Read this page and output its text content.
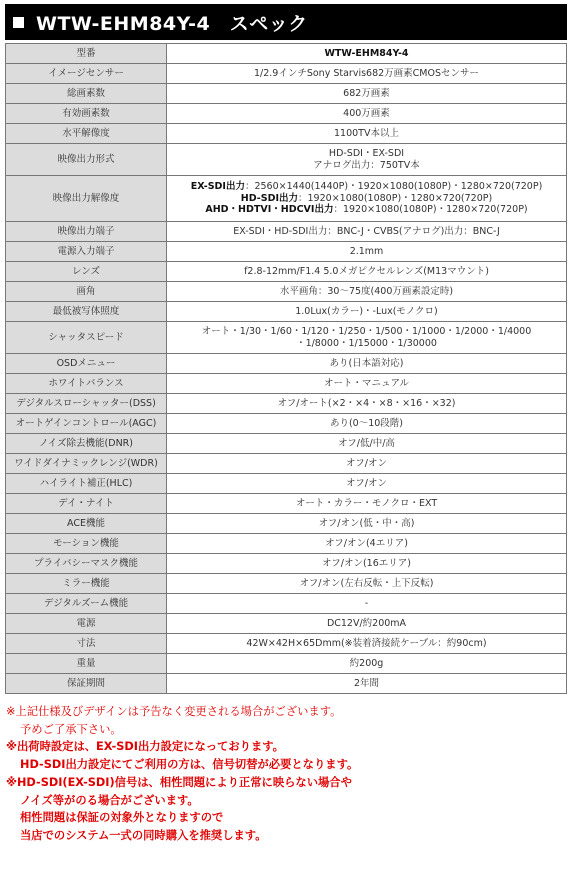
WTW-EHM84Y-4　スペック
型番	WTW-EHM84Y-4

イメージセンサー	1/2.9インチSony Starvis682万画素CMOSセンサー

総画素数	682万画素

有効画素数	400万画素

水平解像度	1100TV本以上

映像出力形式	HD-SDI・EX-SDI
アナログ出力：750TV本

映像出力解像度	EX-SDI出力：2560×1440(1440P)・1920×1080(1080P)・1280×720(720P)
HD-SDI出力：1920×1080(1080P)・1280×720(720P)
AHD・HDTVI・HDCVI出力：1920×1080(1080P)・1280×720(720P)

映像出力端子	EX-SDI・HD-SDI出力：BNC-J・CVBS(アナログ)出力：BNC-J

電源入力端子	2.1mm

レンズ	f2.8-12mm/F1.4 5.0メガピクセルレンズ(M13マウント)

画角	水平画角：30～75度(400万画素設定時)

最低被写体照度	1.0Lux(カラー)・-Lux(モノクロ)

シャッタスピード	オート・1/30・1/60・1/120・1/250・1/500・1/1000・1/2000・1/4000
・1/8000・1/15000・1/30000

OSDメニュー	あり(日本語対応)

ホワイトバランス	オート・マニュアル

デジタルスローシャッター(DSS)	オフ/オート(×2・×4・×8・×16・×32)

オートゲインコントロール(AGC)	あり(0～10段階)

ノイズ除去機能(DNR)	オフ/低/中/高

ワイドダイナミックレンジ(WDR)	オフ/オン

ハイライト補正(HLC)	オフ/オン

デイ・ナイト	オート・カラー・モノクロ・EXT

ACE機能	オフ/オン(低・中・高)

モーション機能	オフ/オン(4エリア)

プライバシーマスク機能	オフ/オン(16エリア)

ミラー機能	オフ/オン(左右反転・上下反転)

デジタルズーム機能	-

電源	DC12V/約200mA

寸法	42W×42H×65Dmm(※装着済接続ケーブル：約90cm)

重量	約200g

保証期間	2年間
※上記仕様及びデザインは予告なく変更される場合がございます。
予めご了承下さい。
※出荷時設定は、EX-SDI出力設定になっております。
HD-SDI出力設定にてご利用の方は、信号切替が必要となります。
※HD-SDI(EX-SDI)信号は、相性問題により正常に映らない場合や
ノイズ等がのる場合がございます。
相性問題は保証の対象外となりますので
当店でのシステム一式の同時購入を推奨します。
